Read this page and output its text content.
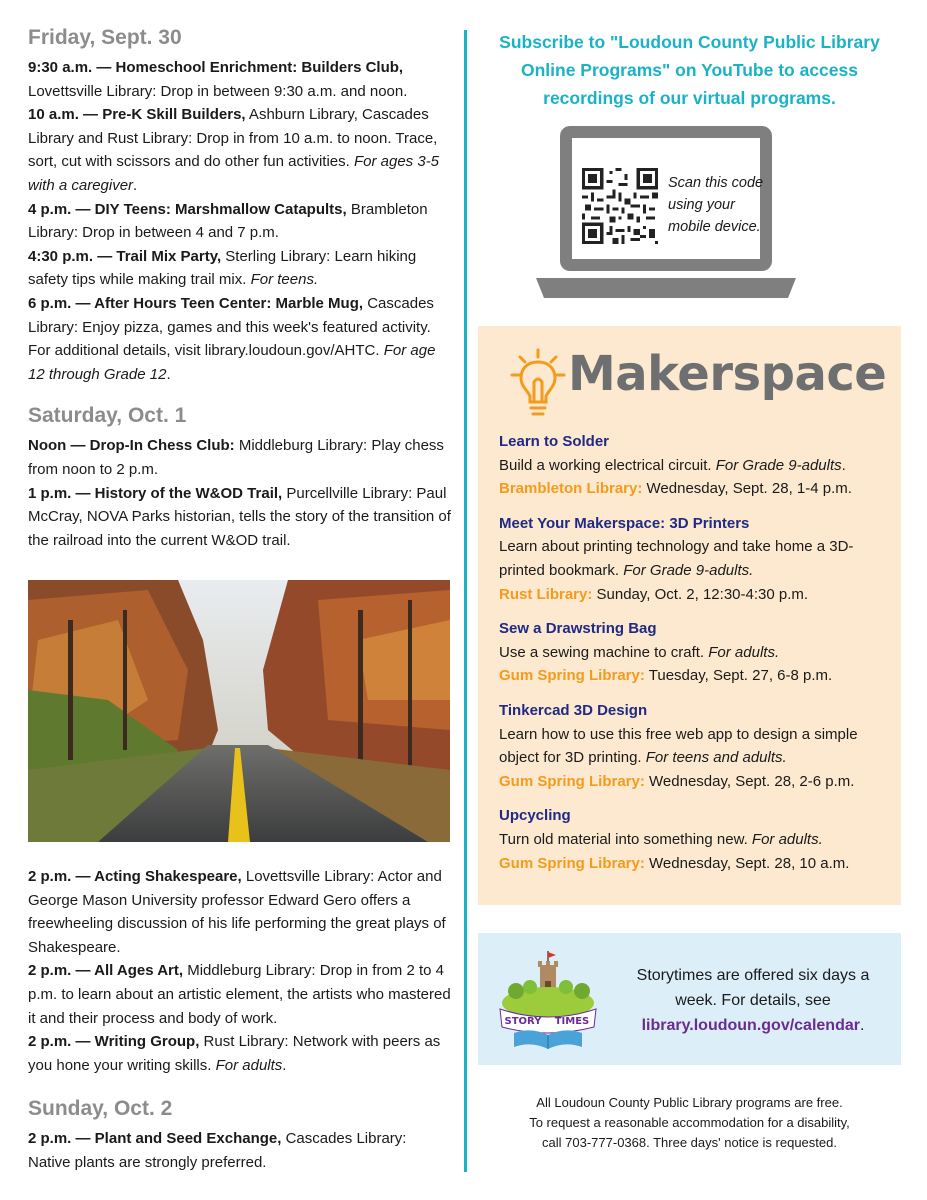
Friday, Sept. 30

9:30 a.m. — Homeschool Enrichment: Builders Club, Lovettsville Library: Drop in between 9:30 a.m. and noon.

10 a.m. — Pre-K Skill Builders, Ashburn Library, Cascades Library and Rust Library: Drop in from 10 a.m. to noon. Trace, sort, cut with scissors and do other fun activities. For ages 3-5 with a caregiver.

4 p.m. — DIY Teens: Marshmallow Catapults, Brambleton Library: Drop in between 4 and 7 p.m.

4:30 p.m. — Trail Mix Party, Sterling Library: Learn hiking safety tips while making trail mix. For teens.

6 p.m. — After Hours Teen Center: Marble Mug, Cascades Library: Enjoy pizza, games and this week's featured activity. For additional details, visit library.loudoun.gov/AHTC. For age 12 through Grade 12.

Saturday, Oct. 1

Noon — Drop-In Chess Club: Middleburg Library: Play chess from noon to 2 p.m.

1 p.m. — History of the W&OD Trail, Purcellville Library: Paul McCray, NOVA Parks historian, tells the story of the transition of the railroad into the current W&OD trail.

2 p.m. — Acting Shakespeare, Lovettsville Library: Actor and George Mason University professor Edward Gero offers a freewheeling discussion of his life performing the great plays of Shakespeare.

2 p.m. — All Ages Art, Middleburg Library: Drop in from 2 to 4 p.m. to learn about an artistic element, the artists who mastered it and their process and body of work.

2 p.m. — Writing Group, Rust Library: Network with peers as you hone your writing skills. For adults.

Sunday, Oct. 2

2 p.m. — Plant and Seed Exchange, Cascades Library: Native plants are strongly preferred.

Subscribe to "Loudoun County Public Library Online Programs" on YouTube to access recordings of our virtual programs.
Scan this code using your mobile device.
Makerspace
Learn to Solder
Build a working electrical circuit. For Grade 9-adults.
Brambleton Library: Wednesday, Sept. 28, 1-4 p.m.
Meet Your Makerspace: 3D Printers
Learn about printing technology and take home a 3D-printed bookmark. For Grade 9-adults.
Rust Library: Sunday, Oct. 2, 12:30-4:30 p.m.
Sew a Drawstring Bag
Use a sewing machine to craft. For adults.
Gum Spring Library: Tuesday, Sept. 27, 6-8 p.m.
Tinkercad 3D Design
Learn how to use this free web app to design a simple object for 3D printing. For teens and adults.
Gum Spring Library: Wednesday, Sept. 28, 2-6 p.m.
Upcycling
Turn old material into something new. For adults.
Gum Spring Library: Wednesday, Sept. 28, 10 a.m.
STORY TIMES
Storytimes are offered six days a week. For details, see library.loudoun.gov/calendar.
All Loudoun County Public Library programs are free.
To request a reasonable accommodation for a disability,
call 703-777-0368. Three days' notice is requested.
